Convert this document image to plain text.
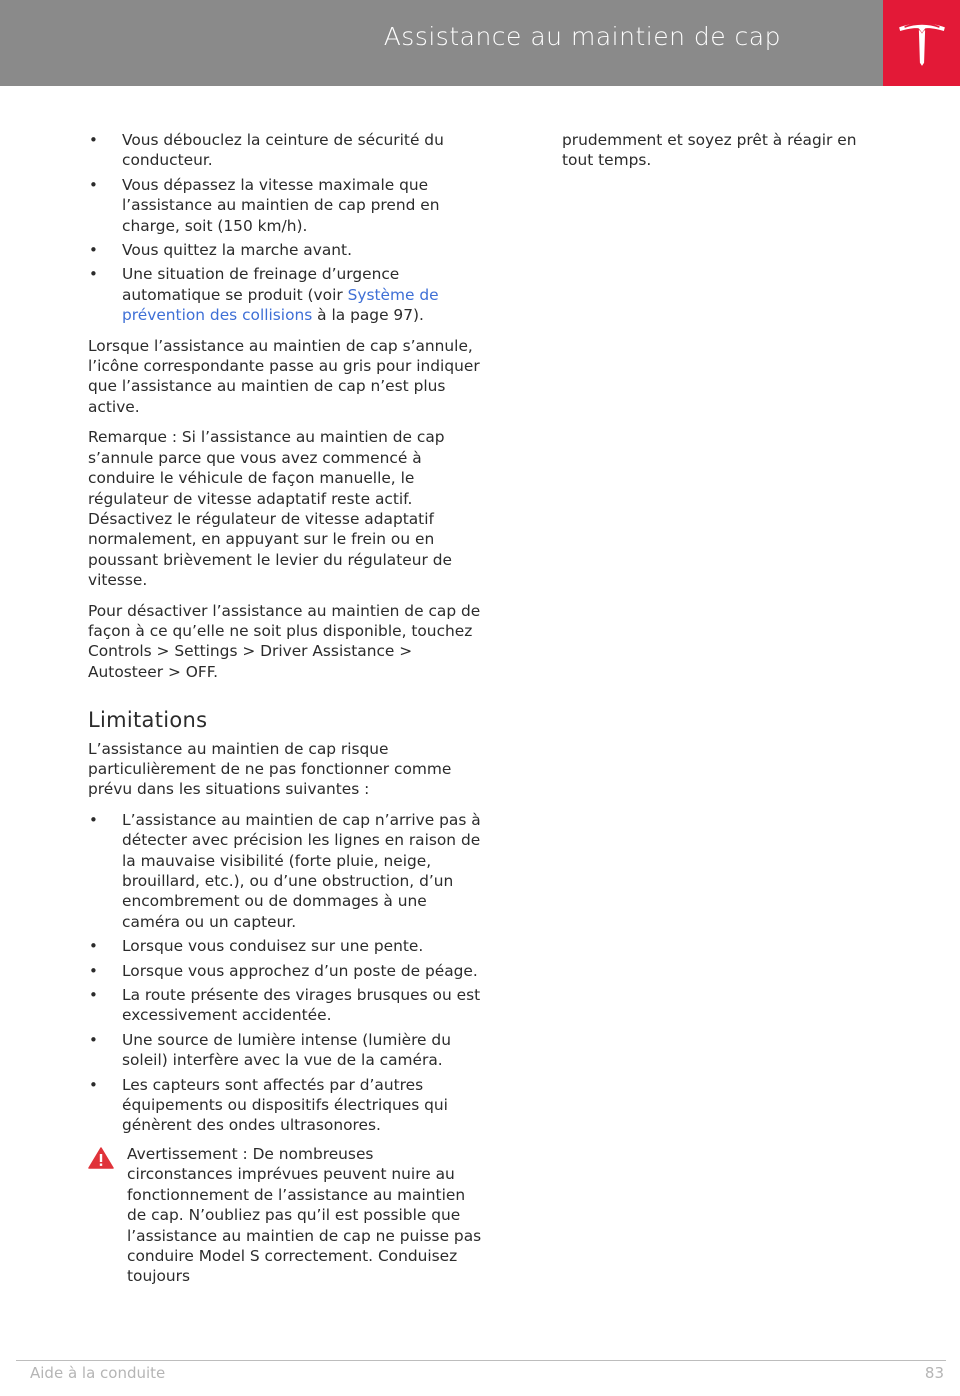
Assistance au maintien de cap
• Vous débouclez la ceinture de sécurité du conducteur.
• Vous dépassez la vitesse maximale que l’assistance au maintien de cap prend en charge, soit (150 km/h).
• Vous quittez la marche avant.
• Une situation de freinage d’urgence automatique se produit (voir Système de prévention des collisions à la page 97).

Lorsque l’assistance au maintien de cap s’annule, l’icône correspondante passe au gris pour indiquer que l’assistance au maintien de cap n’est plus active.

Remarque : Si l’assistance au maintien de cap s’annule parce que vous avez commencé à conduire le véhicule de façon manuelle, le régulateur de vitesse adaptatif reste actif. Désactivez le régulateur de vitesse adaptatif normalement, en appuyant sur le frein ou en poussant brièvement le levier du régulateur de vitesse.

Pour désactiver l’assistance au maintien de cap de façon à ce qu’elle ne soit plus disponible, touchez Controls > Settings > Driver Assistance > Autosteer > OFF.

Limitations

L’assistance au maintien de cap risque particulièrement de ne pas fonctionner comme prévu dans les situations suivantes :

• L’assistance au maintien de cap n’arrive pas à détecter avec précision les lignes en raison de la mauvaise visibilité (forte pluie, neige, brouillard, etc.), ou d’une obstruction, d’un encombrement ou de dommages à une caméra ou un capteur.
• Lorsque vous conduisez sur une pente.
• Lorsque vous approchez d’un poste de péage.
• La route présente des virages brusques ou est excessivement accidentée.
• Une source de lumière intense (lumière du soleil) interfère avec la vue de la caméra.
• Les capteurs sont affectés par d’autres équipements ou dispositifs électriques qui génèrent des ondes ultrasonores.

Avertissement : De nombreuses circonstances imprévues peuvent nuire au fonctionnement de l’assistance au maintien de cap. N’oubliez pas qu’il est possible que l’assistance au maintien de cap ne puisse pas conduire Model S correctement. Conduisez toujours

prudemment et soyez prêt à réagir en tout temps.

Aide à la conduite	83
